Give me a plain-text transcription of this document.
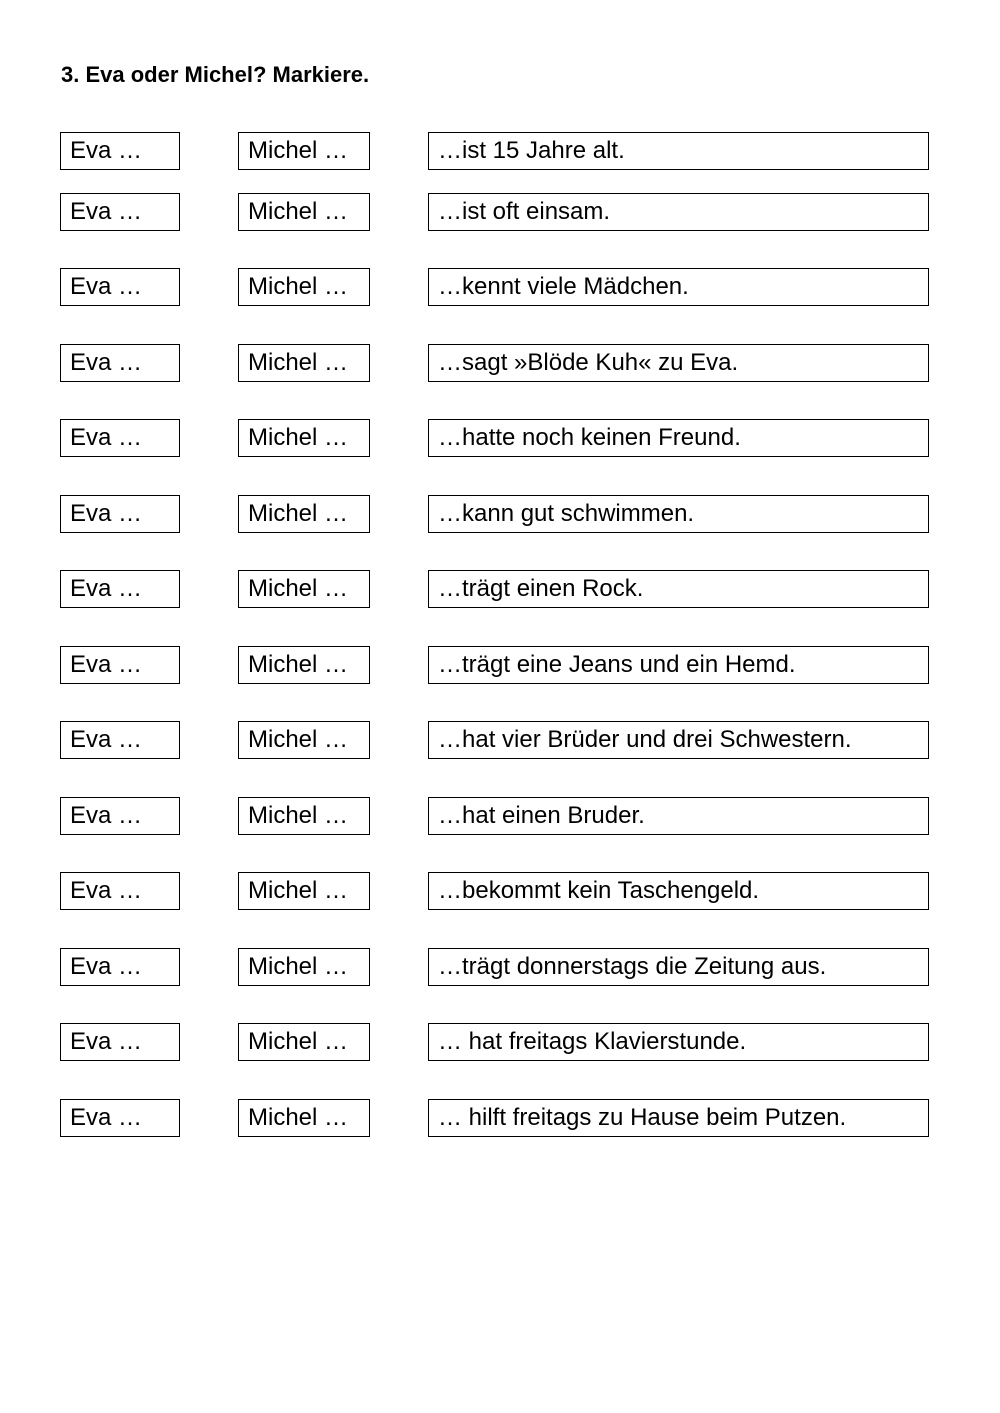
3. Eva oder Michel? Markiere.
Eva …	Michel …	…ist 15 Jahre alt.
Eva …	Michel …	…ist oft einsam.
Eva …	Michel …	…kennt viele Mädchen.
Eva …	Michel …	…sagt »Blöde Kuh« zu Eva.
Eva …	Michel …	…hatte noch keinen Freund.
Eva …	Michel …	…kann gut schwimmen.
Eva …	Michel …	…trägt einen Rock.
Eva …	Michel …	…trägt eine Jeans und ein Hemd.
Eva …	Michel …	…hat vier Brüder und drei Schwestern.
Eva …	Michel …	…hat einen Bruder.
Eva …	Michel …	…bekommt kein Taschengeld.
Eva …	Michel …	…trägt donnerstags die Zeitung aus.
Eva …	Michel …	… hat freitags Klavierstunde.
Eva …	Michel …	… hilft freitags zu Hause beim Putzen.
